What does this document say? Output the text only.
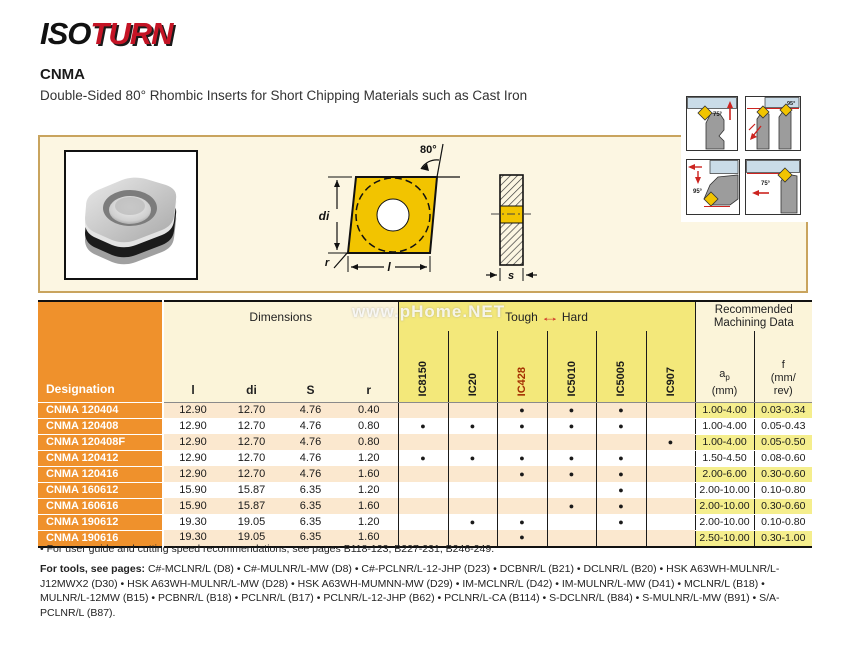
ISOTURN
CNMA
Double-Sided 80° Rhombic Inserts for Short Chipping Materials such as Cast Iron
80°
di
l
r
s
75°
95°
95°
75°
www.pHome.NET
Designation	Dimensions				Tough ↔ Hard						Recommended
Machining Data	

	l	di	S	r	IC8150	IC20	IC428	IC5010	IC5005	IC907	$a_p$
(mm)	f
(mm/
rev)
CNMA 120404	12.90	12.70	4.76	0.40			●	●	●		1.00-4.00	0.03-0.34
CNMA 120408	12.90	12.70	4.76	0.80	●	●	●	●	●		1.00-4.00	0.05-0.43
CNMA 120408F	12.90	12.70	4.76	0.80						●	1.00-4.00	0.05-0.50
CNMA 120412	12.90	12.70	4.76	1.20	●	●	●	●	●		1.50-4.50	0.08-0.60
CNMA 120416	12.90	12.70	4.76	1.60			●	●	●		2.00-6.00	0.30-0.60
CNMA 160612	15.90	15.87	6.35	1.20					●		2.00-10.00	0.10-0.80
CNMA 160616	15.90	15.87	6.35	1.60				●	●		2.00-10.00	0.30-0.60
CNMA 190612	19.30	19.05	6.35	1.20		●	●		●		2.00-10.00	0.10-0.80
CNMA 190616	19.30	19.05	6.35	1.60			●				2.50-10.00	0.30-1.00
• For user guide and cutting speed recommendations, see pages B118-123, B227-231, B246-249.
For tools, see pages: C#-MCLNR/L (D8) • C#-MULNR/L-MW (D8) • C#-PCLNR/L-12-JHP (D23) • DCBNR/L (B21) • DCLNR/L (B20) • HSK A63WH-MULNR/L-J12MWX2 (D30) • HSK A63WH-MULNR/L-MW (D28) • HSK A63WH-MUMNN-MW (D29) • IM-MCLNR/L (D42) • IM-MULNR/L-MW (D41) • MCLNR/L (B18) • MULNR/L-12MW (B15) • PCBNR/L (B18) • PCLNR/L (B17) • PCLNR/L-12-JHP (B62) • PCLNR/L-CA (B114) • S-DCLNR/L (B84) • S-MULNR/L-MW (B91) • S/A-PCLNR/L (B87).
